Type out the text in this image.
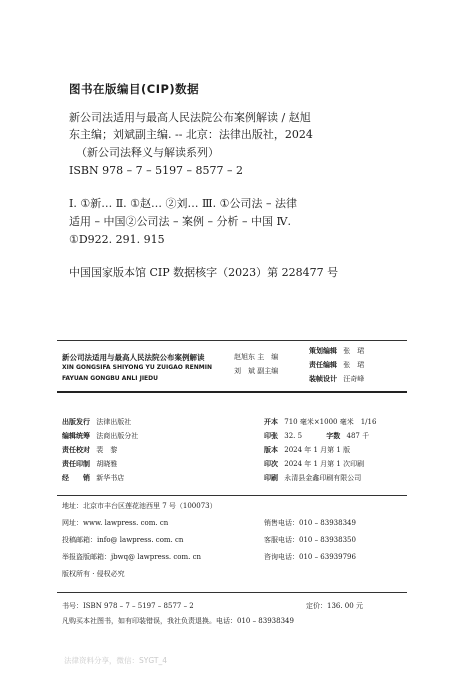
图书在版编目(CIP)数据
新公司法适用与最高人民法院公布案例解读 / 赵旭
东主编；刘斌副主编. -- 北京：法律出版社，2024
（新公司法释义与解读系列）
ISBN 978 – 7 – 5197 – 8577 – 2
Ⅰ. ①新… Ⅱ. ①赵… ②刘… Ⅲ. ①公司法 – 法律
适用 – 中国②公司法 – 案例 – 分析 – 中国 Ⅳ.
①D922. 291. 915
中国国家版本馆 CIP 数据核字（2023）第 228477 号
新公司法适用与最高人民法院公布案例解读
XIN GONGSIFA SHIYONG YU ZUIGAO RENMIN
FAYUAN GONGBU ANLI JIEDU
赵旭东 主　编
刘　斌 副主编
策划编辑 张　珺
责任编辑 张　珺
装帧设计 汪奇峰
出版发行 法律出版社
编辑统筹 法商出版分社
责任校对 裴　黎
责任印制 胡晓雅
经　　销 新华书店
开本 710 毫米×1000 毫米　1/16
印张 32. 5	字数 487 千
版本 2024 年 1 月第 1 版
印次 2024 年 1 月第 1 次印刷
印刷 永清县金鑫印刷有限公司
地址：北京市丰台区莲花池西里 7 号（100073）
网址：www. lawpress. com. cn
投稿邮箱：info@ lawpress. com. cn
举报盗版邮箱：jbwq@ lawpress. com. cn
版权所有 · 侵权必究
销售电话：010 – 83938349
客服电话：010 – 83938350
咨询电话：010 – 63939796
书号：ISBN 978 – 7 – 5197 – 8577 – 2	定价：136. 00 元
凡购买本社图书，如有印装错误，我社负责退换。电话：010 – 83938349
法律资料分享，微信：SYGT_4
